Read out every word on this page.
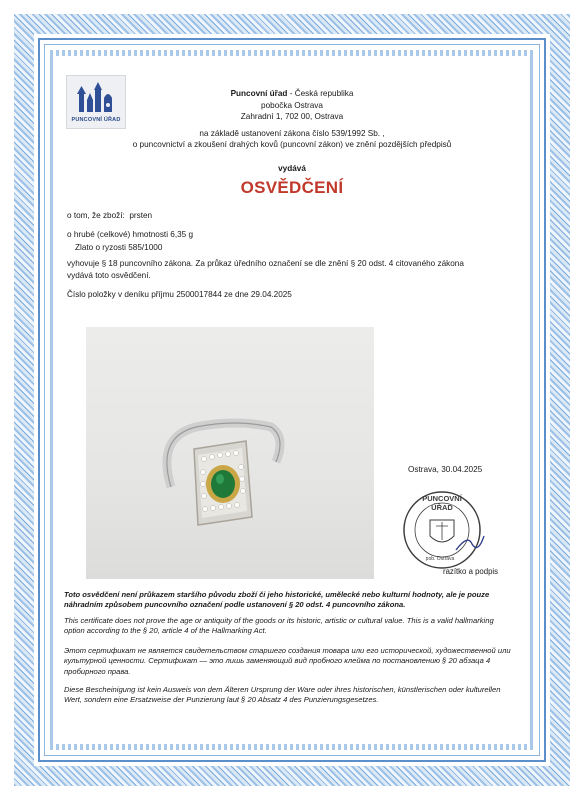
PUNCOVNÍ ÚŘAD
Puncovní úřad - Česká republika
pobočka Ostrava
Zahradní 1, 702 00, Ostrava
na základě ustanovení zákona číslo 539/1992 Sb. ,
o puncovnictví a zkoušení drahých kovů (puncovní zákon) ve znění pozdějších předpisů
vydává
OSVĚDČENÍ
o tom, že zboží: prsten
o hrubé (celkové) hmotnosti 6,35 g
Zlato o ryzosti 585/1000
vyhovuje § 18 puncovního zákona. Za průkaz úředního označení se dle znění § 20 odst. 4 citovaného zákona vydává toto osvědčení.
Číslo položky v deníku příjmu 2500017844 ze dne 29.04.2025
Ostrava, 30.04.2025
PUNCOVNÍ ÚŘAD
pob. Ostrava
razítko a podpis
Toto osvědčení není průkazem staršího původu zboží či jeho historické, umělecké nebo kulturní hodnoty, ale je pouze náhradním způsobem puncovního označení podle ustanovení § 20 odst. 4 puncovního zákona.
This certificate does not prove the age or antiquity of the goods or its historic, artistic or cultural value. This is a valid hallmarking option according to the § 20, article 4 of the Hallmarking Act.
Этот сертификат не является свидетельством старшего создания товара или его исторической, художественной или культурной ценности. Сертификат — это лишь заменяющий вид пробного клейма по постановлению § 20 абзаца 4 пробирного права.
Diese Bescheinigung ist kein Ausweis von dem Älteren Ursprung der Ware oder ihres historischen, künstlerischen oder kulturellen Wert, sondern eine Ersatzweise der Punzierung laut § 20 Absatz 4 des Punzierungsgesetzes.
